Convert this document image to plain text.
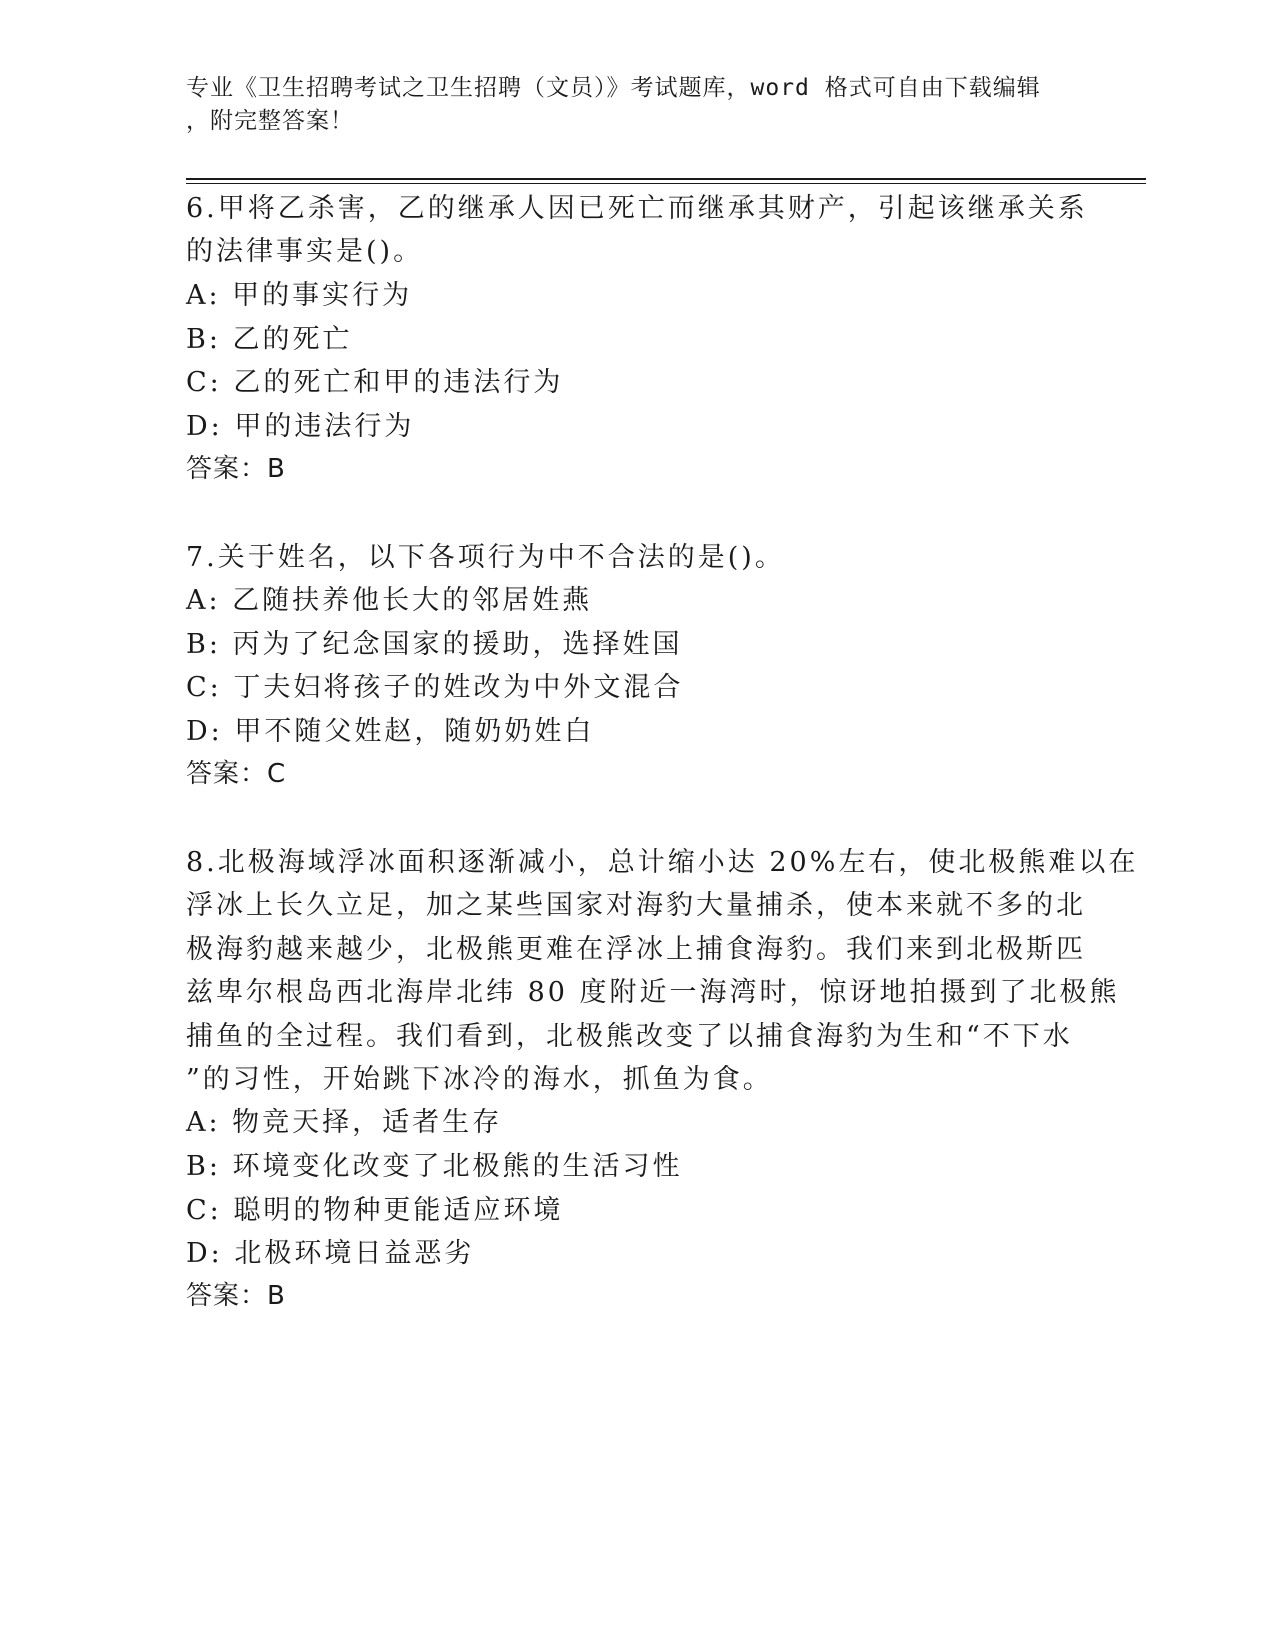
专业《卫生招聘考试之卫生招聘（文员）》考试题库，word 格式可自由下载编辑
，附完整答案！
6.甲将乙杀害，乙的继承人因已死亡而继承其财产，引起该继承关系
的法律事实是()。
A: 甲的事实行为
B: 乙的死亡
C: 乙的死亡和甲的违法行为
D: 甲的违法行为
答案：B
7.关于姓名，以下各项行为中不合法的是()。
A: 乙随扶养他长大的邻居姓燕
B: 丙为了纪念国家的援助，选择姓国
C: 丁夫妇将孩子的姓改为中外文混合
D: 甲不随父姓赵，随奶奶姓白
答案：C
8.北极海域浮冰面积逐渐减小，总计缩小达 20%左右，使北极熊难以在
浮冰上长久立足，加之某些国家对海豹大量捕杀，使本来就不多的北
极海豹越来越少，北极熊更难在浮冰上捕食海豹。我们来到北极斯匹
兹卑尔根岛西北海岸北纬 80 度附近一海湾时，惊讶地拍摄到了北极熊
捕鱼的全过程。我们看到，北极熊改变了以捕食海豹为生和“不下水
”的习性，开始跳下冰冷的海水，抓鱼为食。
A: 物竞天择，适者生存
B: 环境变化改变了北极熊的生活习性
C: 聪明的物种更能适应环境
D: 北极环境日益恶劣
答案：B
